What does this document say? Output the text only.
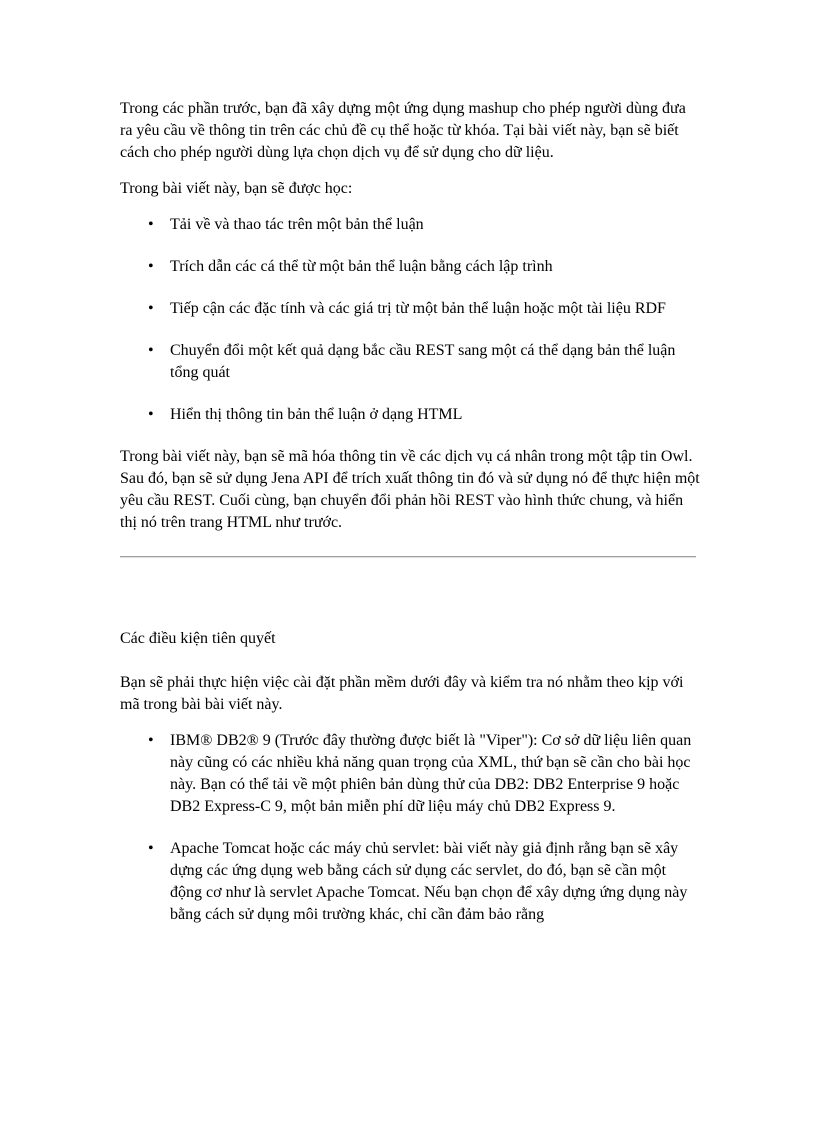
Trong các phần trước, bạn đã xây dựng một ứng dụng mashup cho phép người dùng đưa ra yêu cầu về thông tin trên các chủ đề cụ thể hoặc từ khóa. Tại bài viết này, bạn sẽ biết cách cho phép người dùng lựa chọn dịch vụ để sử dụng cho dữ liệu.

Trong bài viết này, bạn sẽ được học:

• Tải về và thao tác trên một bản thể luận
• Trích dẫn các cá thể từ một bản thể luận bằng cách lập trình
• Tiếp cận các đặc tính và các giá trị từ một bản thể luận hoặc một tài liệu RDF
• Chuyển đổi một kết quả dạng bắc cầu REST sang một cá thể dạng bản thể luận tổng quát
• Hiển thị thông tin bản thể luận ở dạng HTML

Trong bài viết này, bạn sẽ mã hóa thông tin về các dịch vụ cá nhân trong một tập tin Owl. Sau đó, bạn sẽ sử dụng Jena API để trích xuất thông tin đó và sử dụng nó để thực hiện một yêu cầu REST. Cuối cùng, bạn chuyển đổi phản hồi REST vào hình thức chung, và hiển thị nó trên trang HTML như trước.

Các điều kiện tiên quyết

Bạn sẽ phải thực hiện việc cài đặt phần mềm dưới đây và kiểm tra nó nhằm theo kịp với mã trong bài bài viết này.

• IBM® DB2® 9 (Trước đây thường được biết là "Viper"): Cơ sở dữ liệu liên quan này cũng có các nhiều khả năng quan trọng của XML, thứ bạn sẽ cần cho bài học này. Bạn có thể tải về một phiên bản dùng thử của DB2: DB2 Enterprise 9 hoặc DB2 Express-C 9, một bản miễn phí dữ liệu máy chủ DB2 Express 9.
• Apache Tomcat hoặc các máy chủ servlet: bài viết này giả định rằng bạn sẽ xây dựng các ứng dụng web bằng cách sử dụng các servlet, do đó, bạn sẽ cần một động cơ như là servlet Apache Tomcat. Nếu bạn chọn để xây dựng ứng dụng này bằng cách sử dụng môi trường khác, chỉ cần đảm bảo rằng
